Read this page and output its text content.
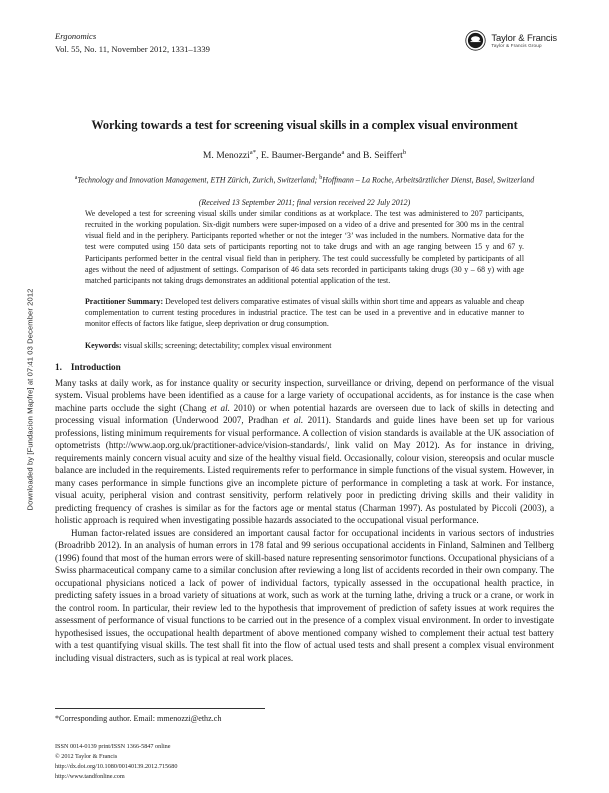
Downloaded by [Fundacion Mapfre] at 07:41 03 December 2012
Ergonomics
Vol. 55, No. 11, November 2012, 1331–1339
Taylor & Francis
Taylor & Francis Group
Working towards a test for screening visual skills in a complex visual environment
M. Menozzi$^{a*}$, E. Baumer-Bergande$^a$ and B. Seiffert$^b$
$^a$Technology and Innovation Management, ETH Zürich, Zurich, Switzerland; $^b$Hoffmann – La Roche, Arbeitsärztlicher Dienst, Basel, Switzerland
(Received 13 September 2011; final version received 22 July 2012)

We developed a test for screening visual skills under similar conditions as at workplace. The test was administered to 207 participants, recruited in the working population. Six-digit numbers were super-imposed on a video of a drive and presented for 300 ms in the central visual field and in the periphery. Participants reported whether or not the integer ‘3’ was included in the numbers. Normative data for the test were computed using 150 data sets of participants reporting not to take drugs and with an age ranging between 15 y and 67 y. Participants performed better in the central visual field than in periphery. The test could successfully be completed by participants of all ages without the need of adjustment of settings. Comparison of 46 data sets recorded in participants taking drugs (30 y – 68 y) with age matched participants not taking drugs demonstrates an additional potential application of the test.

Practitioner Summary: Developed test delivers comparative estimates of visual skills within short time and appears as valuable and cheap complementation to current testing procedures in industrial practice. The test can be used in a preventive and in educative manner to monitor effects of factors like fatigue, sleep deprivation or drug consumption.

Keywords: visual skills; screening; detectability; complex visual environment

1. Introduction

Many tasks at daily work, as for instance quality or security inspection, surveillance or driving, depend on performance of the visual system. Visual problems have been identified as a cause for a large variety of occupational accidents, as for instance is the case when machine parts occlude the sight (Chang et al. 2010) or when potential hazards are overseen due to lack of skills in detecting and processing visual information (Underwood 2007, Pradhan et al. 2011). Standards and guide lines have been set up for various professions, listing minimum requirements for visual performance. A collection of vision standards is available at the UK association of optometrists (http://www.aop.org.uk/practitioner-advice/vision-standards/, link valid on May 2012). As for instance in driving, requirements mainly concern visual acuity and size of the healthy visual field. Occasionally, colour vision, stereopsis and ocular muscle balance are included in the requirements. Listed requirements refer to performance in simple functions of the visual system. However, in many cases performance in simple functions give an incomplete picture of performance in completing a task at work. For instance, visual acuity, peripheral vision and contrast sensitivity, perform relatively poor in predicting driving skills and their validity in predicting frequency of crashes is similar as for the factors age or mental status (Charman 1997). As postulated by Piccoli (2003), a holistic approach is required when investigating possible hazards associated to the occupational visual performance.

Human factor-related issues are considered an important causal factor for occupational incidents in various sectors of industries (Broadribb 2012). In an analysis of human errors in 178 fatal and 99 serious occupational accidents in Finland, Salminen and Tellberg (1996) found that most of the human errors were of skill-based nature representing sensorimotor functions. Occupational physicians of a Swiss pharmaceutical company came to a similar conclusion after reviewing a long list of accidents recorded in their own company. The occupational physicians noticed a lack of power of individual factors, typically assessed in the occupational health practice, in predicting safety issues in a broad variety of situations at work, such as work at the turning lathe, driving a truck or a crane, or work in the control room. In particular, their review led to the hypothesis that improvement of prediction of safety issues at work requires the assessment of performance of visual functions to be carried out in the presence of a complex visual environment. In order to investigate hypothesised issues, the occupational health department of above mentioned company wished to complement their actual test battery with a test quantifying visual skills. The test shall fit into the flow of actual used tests and shall present a complex visual environment including visual distracters, such as is typical at real work places.

*Corresponding author. Email: mmenozzi@ethz.ch
ISSN 0014-0139 print/ISSN 1366-5847 online
© 2012 Taylor & Francis
http://dx.doi.org/10.1080/00140139.2012.715680
http://www.tandfonline.com
